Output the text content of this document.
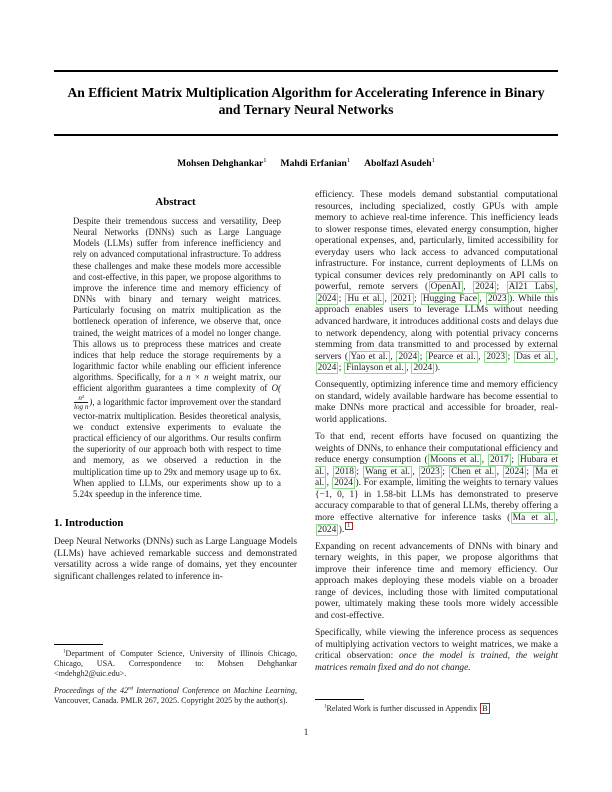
An Efficient Matrix Multiplication Algorithm for Accelerating Inference in Binary and Ternary Neural Networks
Mohsen Dehghankar$^1$ Mahdi Erfanian$^1$ Abolfazl Asudeh$^1$
Abstract
Despite their tremendous success and versatility, Deep Neural Networks (DNNs) such as Large Language Models (LLMs) suffer from inference inefficiency and rely on advanced computational infrastructure. To address these challenges and make these models more accessible and cost-effective, in this paper, we propose algorithms to improve the inference time and memory efficiency of DNNs with binary and ternary weight matrices. Particularly focusing on matrix multiplication as the bottleneck operation of inference, we observe that, once trained, the weight matrices of a model no longer change. This allows us to preprocess these matrices and create indices that help reduce the storage requirements by a logarithmic factor while enabling our efficient inference algorithms. Specifically, for a n × n weight matrix, our efficient algorithm guarantees a time complexity of O(
$\frac{\text{n²}}{\text{log n}}$ ), a logarithmic factor improvement over the standard vector-matrix multiplication. Besides theoretical analysis, we conduct extensive experiments to evaluate the practical efficiency of our algorithms. Our results confirm the superiority of our approach both with respect to time and memory, as we observed a reduction in the multiplication time up to 29x and memory usage up to 6x. When applied to LLMs, our experiments show up to a 5.24x speedup in the inference time.
1. Introduction

Deep Neural Networks (DNNs) such as Large Language Models (LLMs) have achieved remarkable success and demonstrated versatility across a wide range of domains, yet they encounter significant challenges related to inference in-

$^1$Department of Computer Science, University of Illinois Chicago, Chicago, USA. Correspondence to: Mohsen Dehghankar <mdehgh2@uic.edu>.

Proceedings of the 42nd International Conference on Machine Learning, Vancouver, Canada. PMLR 267, 2025. Copyright 2025 by the author(s).

efficiency. These models demand substantial computational resources, including specialized, costly GPUs with ample memory to achieve real-time inference. This inefficiency leads to slower response times, elevated energy consumption, higher operational expenses, and, particularly, limited accessibility for everyday users who lack access to advanced computational infrastructure. For instance, current deployments of LLMs on typical consumer devices rely predominantly on API calls to powerful, remote servers ( OpenAI , 2024 ; AI21 Labs , 2024 ; Hu et al. , 2021 ; Hugging Face , 2023 ). While this approach enables users to leverage LLMs without needing advanced hardware, it introduces additional costs and delays due to network dependency, along with potential privacy concerns stemming from data transmitted to and processed by external servers ( Yao et al. , 2024 ; Pearce et al. , 2023 ; Das et al. , 2024 ; Finlayson et al. , 2024 ).

Consequently, optimizing inference time and memory efficiency on standard, widely available hardware has become essential to make DNNs more practical and accessible for broader, real-world applications.

To that end, recent efforts have focused on quantizing the weights of DNNs, to enhance their computational efficiency and reduce energy consumption ( Moons et al. , 2017 ; Hubara et al. , 2018 ; Wang et al. , 2023 ; Chen et al. , 2024 ; Ma et al. , 2024 ). For example, limiting the weights to ternary values {−1, 0, 1} in 1.58-bit LLMs has demonstrated to preserve accuracy comparable to that of general LLMs, thereby offering a more effective alternative for inference tasks ( Ma et al. , 2024 ). $^1$

Expanding on recent advancements of DNNs with binary and ternary weights, in this paper, we propose algorithms that improve their inference time and memory efficiency. Our approach makes deploying these models viable on a broader range of devices, including those with limited computational power, ultimately making these tools more widely accessible and cost-effective.

Specifically, while viewing the inference process as sequences of multiplying activation vectors to weight matrices, we make a critical observation: once the model is trained, the weight matrices remain fixed and do not change.

$^1$Related Work is further discussed in Appendix B

1
